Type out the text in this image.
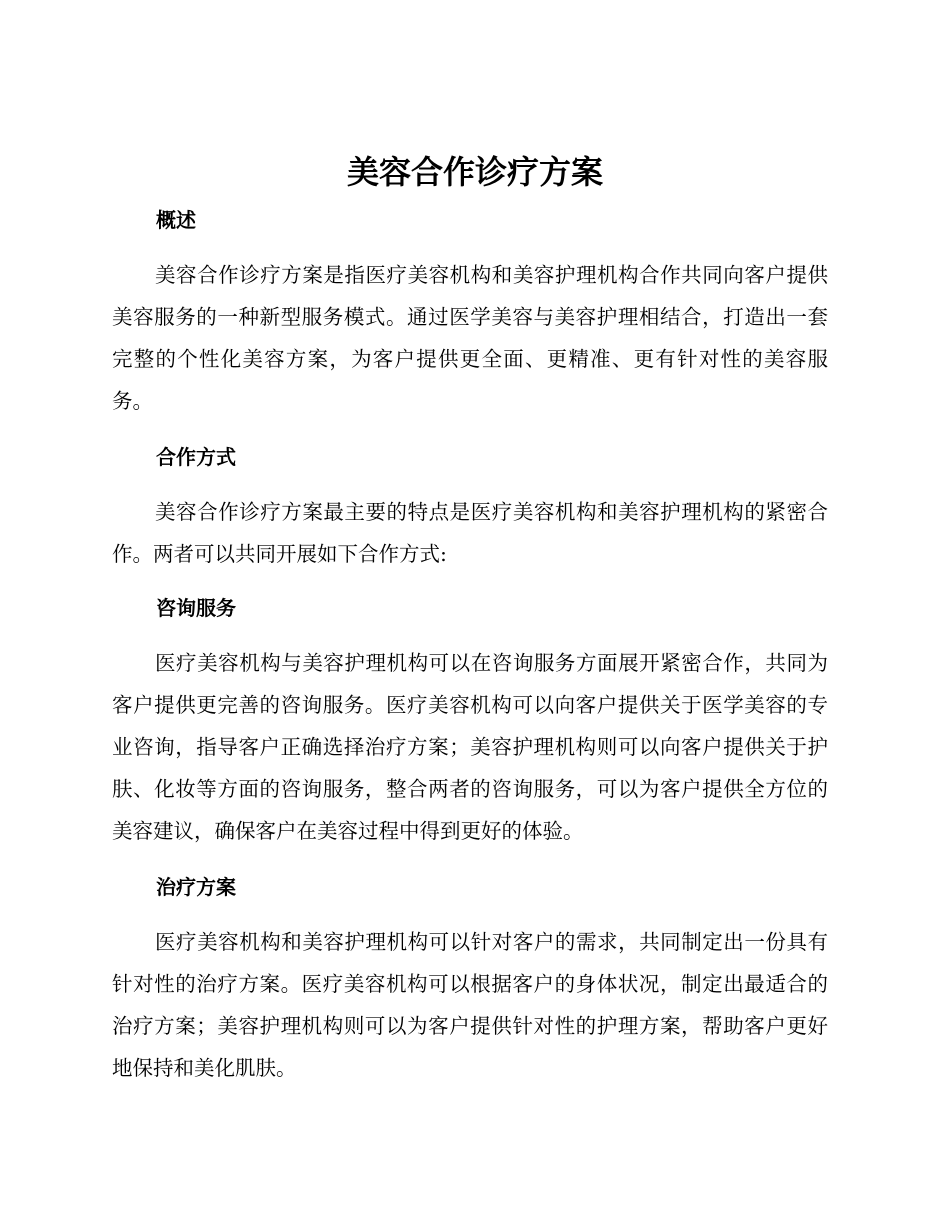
美容合作诊疗方案
概述

美容合作诊疗方案是指医疗美容机构和美容护理机构合作共同向客户提供美容服务的一种新型服务模式。通过医学美容与美容护理相结合，打造出一套完整的个性化美容方案，为客户提供更全面、更精准、更有针对性的美容服务。

合作方式

美容合作诊疗方案最主要的特点是医疗美容机构和美容护理机构的紧密合作。两者可以共同开展如下合作方式:

咨询服务

医疗美容机构与美容护理机构可以在咨询服务方面展开紧密合作，共同为客户提供更完善的咨询服务。医疗美容机构可以向客户提供关于医学美容的专业咨询，指导客户正确选择治疗方案；美容护理机构则可以向客户提供关于护肤、化妆等方面的咨询服务，整合两者的咨询服务，可以为客户提供全方位的美容建议，确保客户在美容过程中得到更好的体验。

治疗方案

医疗美容机构和美容护理机构可以针对客户的需求，共同制定出一份具有针对性的治疗方案。医疗美容机构可以根据客户的身体状况，制定出最适合的治疗方案；美容护理机构则可以为客户提供针对性的护理方案，帮助客户更好地保持和美化肌肤。
